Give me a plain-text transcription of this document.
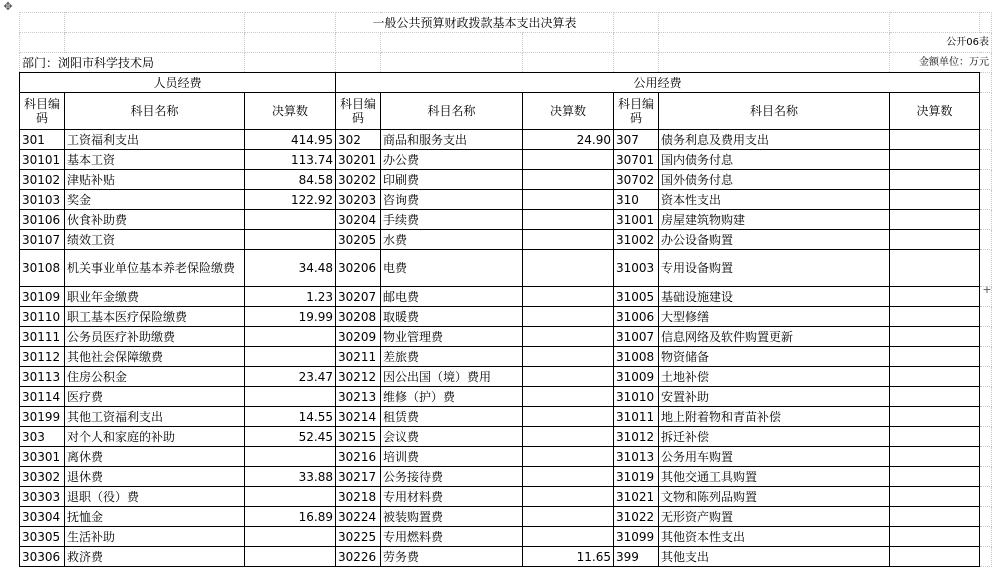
✥
+
			一般公共预算财政拨款基本支出决算表						
								公开06表	
部门：浏阳市科学技术局								金额单位：万元	
人员经费			公用经费						
科目编码	科目名称	决算数	科目编码	科目名称	决算数	科目编码	科目名称	决算数	
301	工资福利支出	414.95	302	商品和服务支出	24.90	307	债务利息及费用支出		
30101	基本工资	113.74	30201	办公费		30701	国内债务付息		
30102	津贴补贴	84.58	30202	印刷费		30702	国外债务付息		
30103	奖金	122.92	30203	咨询费		310	资本性支出		
30106	伙食补助费		30204	手续费		31001	房屋建筑物购建		
30107	绩效工资		30205	水费		31002	办公设备购置		
30108	机关事业单位基本养老保险缴费	34.48	30206	电费		31003	专用设备购置		
30109	职业年金缴费	1.23	30207	邮电费		31005	基础设施建设		
30110	职工基本医疗保险缴费	19.99	30208	取暖费		31006	大型修缮		
30111	公务员医疗补助缴费		30209	物业管理费		31007	信息网络及软件购置更新		
30112	其他社会保障缴费		30211	差旅费		31008	物资储备		
30113	住房公积金	23.47	30212	因公出国（境）费用		31009	土地补偿		
30114	医疗费		30213	维修（护）费		31010	安置补助		
30199	其他工资福利支出	14.55	30214	租赁费		31011	地上附着物和青苗补偿		
303	对个人和家庭的补助	52.45	30215	会议费		31012	拆迁补偿		
30301	离休费		30216	培训费		31013	公务用车购置		
30302	退休费	33.88	30217	公务接待费		31019	其他交通工具购置		
30303	退职（役）费		30218	专用材料费		31021	文物和陈列品购置		
30304	抚恤金	16.89	30224	被装购置费		31022	无形资产购置		
30305	生活补助		30225	专用燃料费		31099	其他资本性支出		
30306	救济费		30226	劳务费	11.65	399	其他支出		
